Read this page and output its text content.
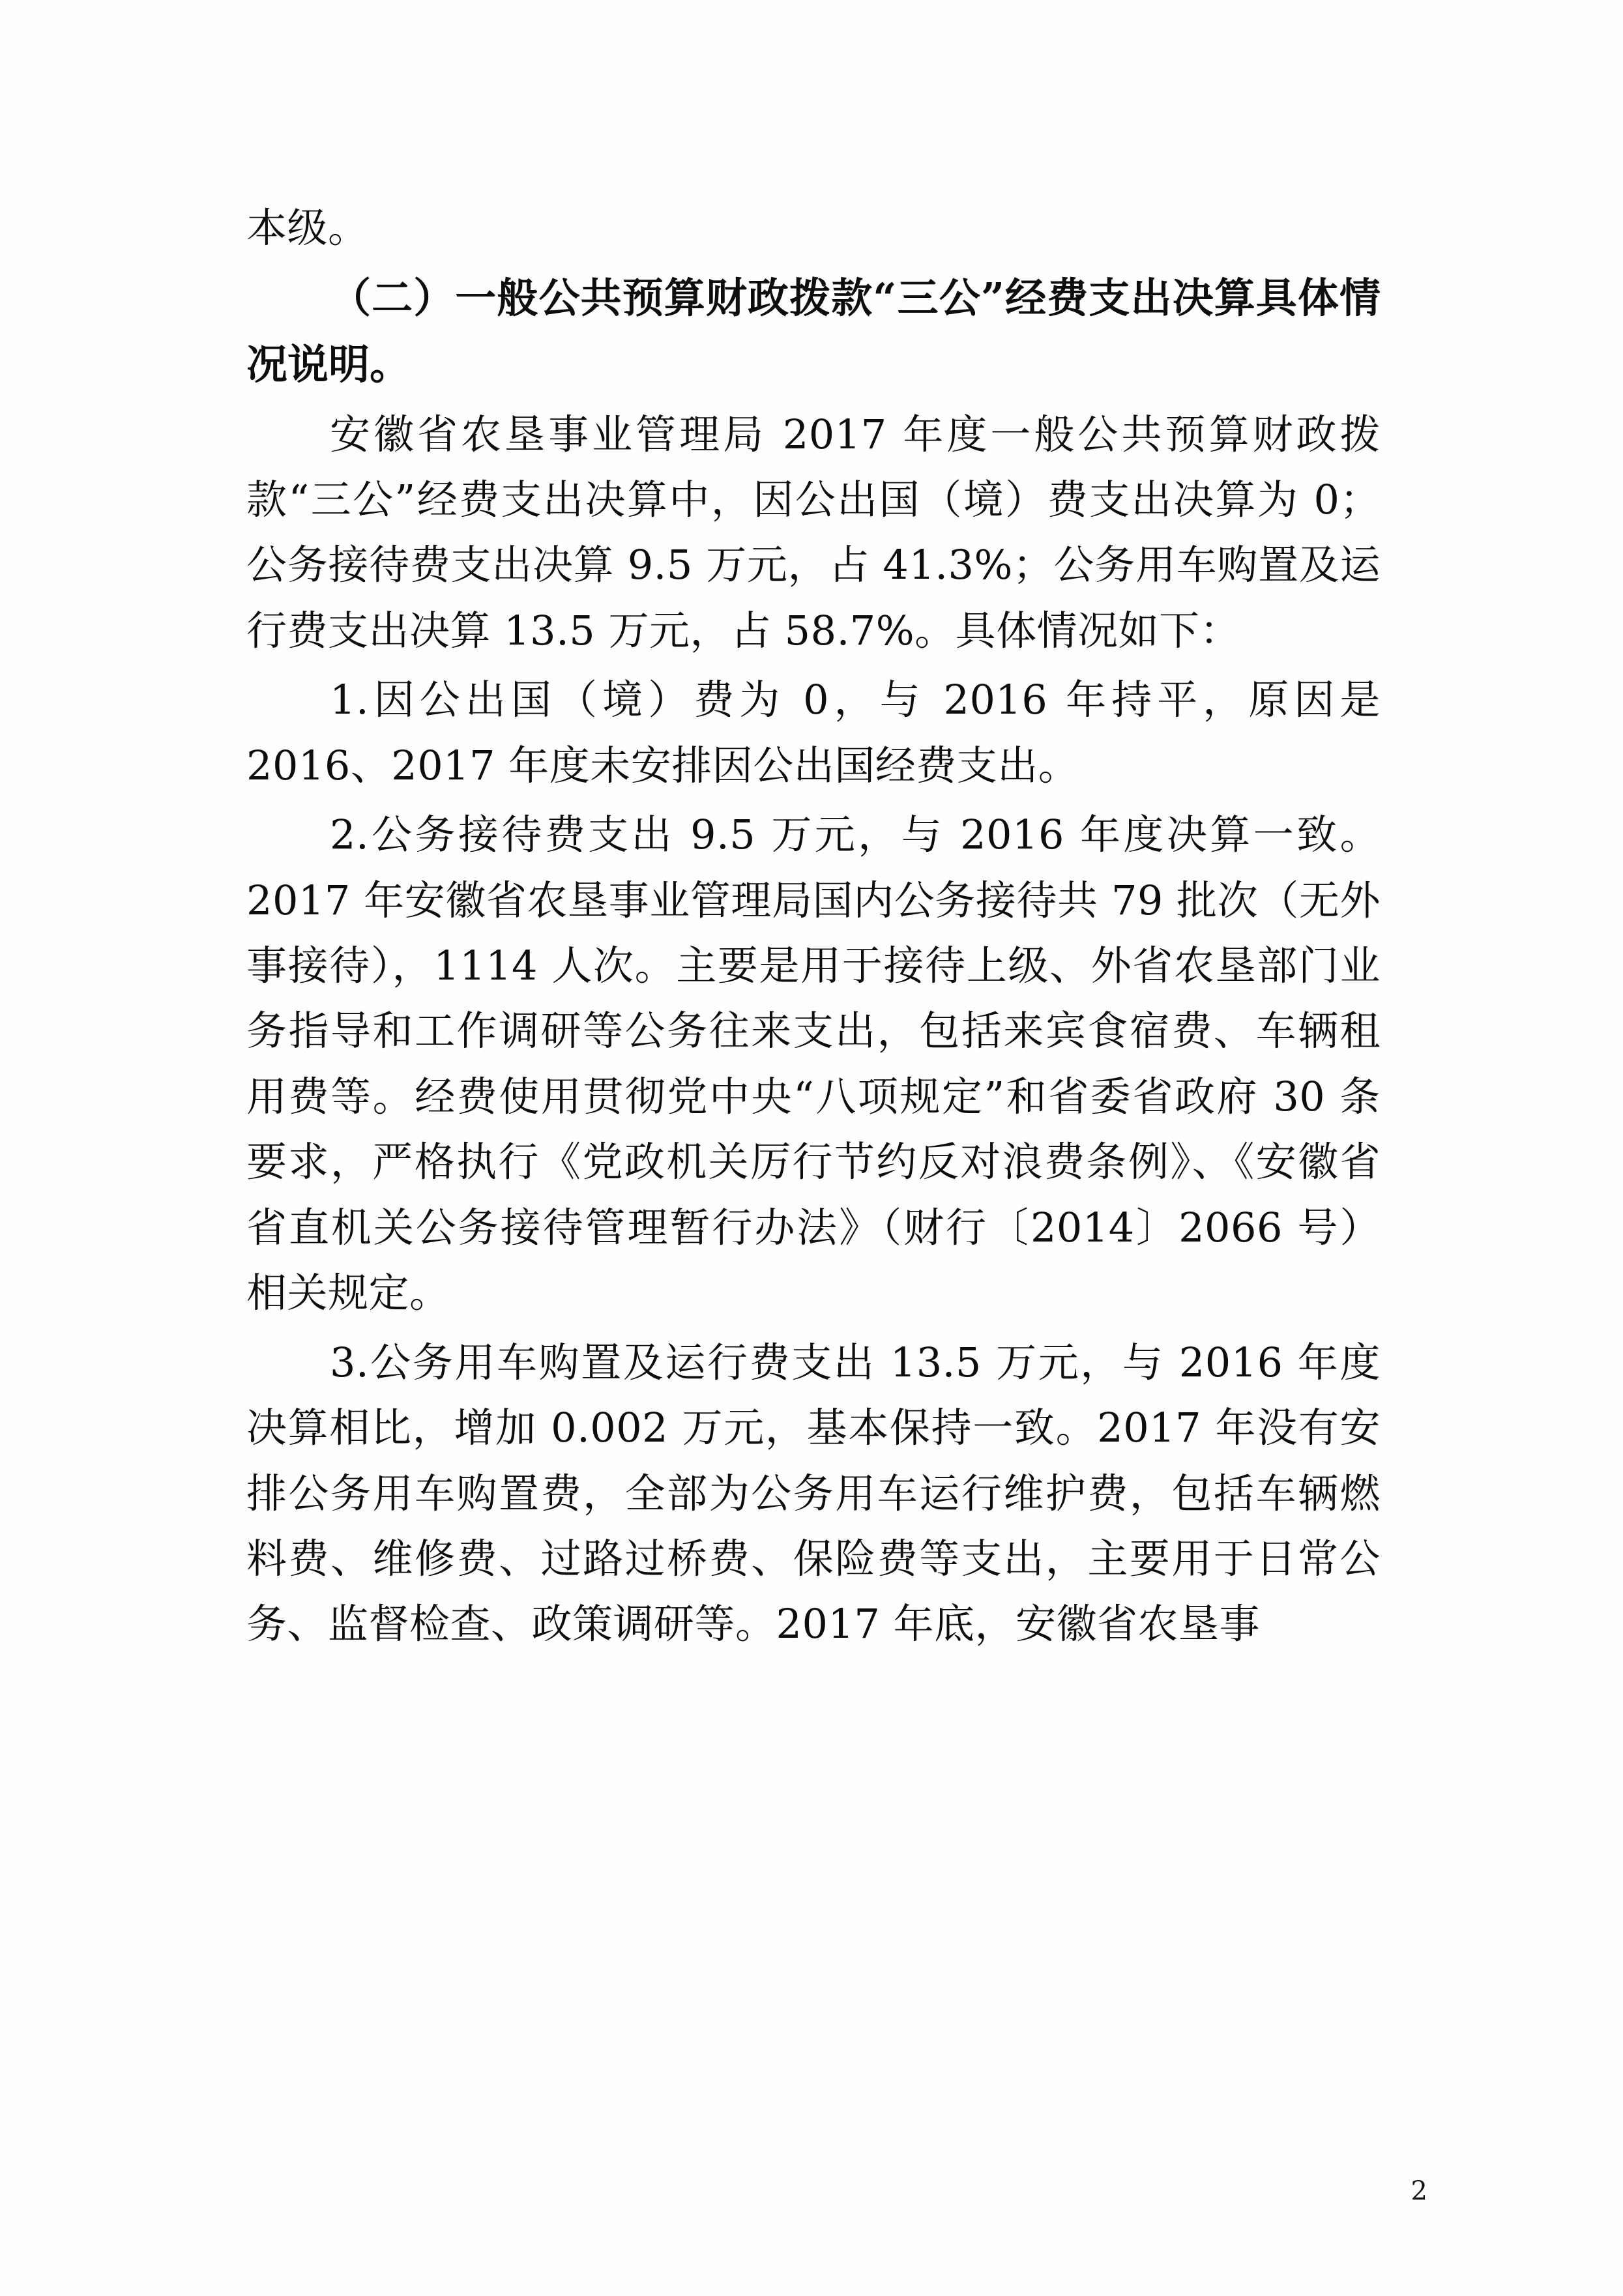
本级。

（二）一般公共预算财政拨款“三公”经费支出决算具体情况说明。

安徽省农垦事业管理局 2017 年度一般公共预算财政拨款“三公”经费支出决算中，因公出国（境）费支出决算为 0；公务接待费支出决算 9.5 万元，占 41.3%；公务用车购置及运行费支出决算 13.5 万元，占 58.7%。具体情况如下：

1.因公出国（境）费为 0，与 2016 年持平，原因是 2016、2017 年度未安排因公出国经费支出。

2.公务接待费支出 9.5 万元，与 2016 年度决算一致。2017 年安徽省农垦事业管理局国内公务接待共 79 批次（无外事接待），1114 人次。主要是用于接待上级、外省农垦部门业务指导和工作调研等公务往来支出，包括来宾食宿费、车辆租用费等。经费使用贯彻党中央“八项规定”和省委省政府 30 条要求，严格执行《党政机关厉行节约反对浪费条例》、《安徽省省直机关公务接待管理暂行办法》（财行〔2014〕2066 号）相关规定。

3.公务用车购置及运行费支出 13.5 万元，与 2016 年度决算相比，增加 0.002 万元，基本保持一致。2017 年没有安排公务用车购置费，全部为公务用车运行维护费，包括车辆燃料费、维修费、过路过桥费、保险费等支出，主要用于日常公务、监督检查、政策调研等。2017 年底，安徽省农垦事

2
